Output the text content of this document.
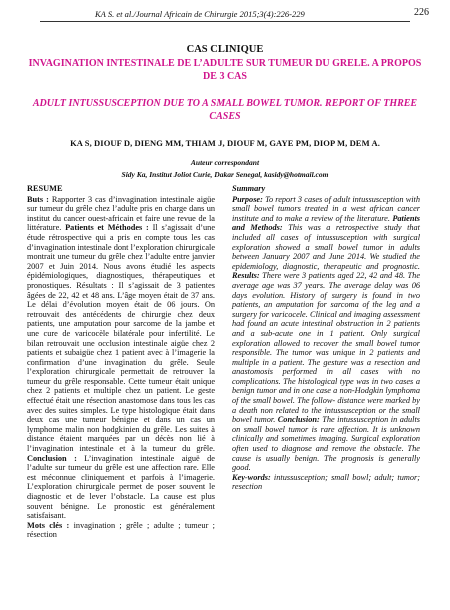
KA S. et al./Journal Africain de Chirurgie 2015;3(4):226-229	226
CAS CLINIQUE
INVAGINATION INTESTINALE DE L’ADULTE SUR TUMEUR DU GRELE. A PROPOS DE 3 CAS
ADULT INTUSSUSCEPTION DUE TO A SMALL BOWEL TUMOR. REPORT OF THREE CASES
KA S, DIOUF D, DIENG MM, THIAM J, DIOUF M, GAYE PM, DIOP M, DEM A.
Auteur correspondant
Sidy Ka, Institut Joliot Curie, Dakar Senegal, kasidy@hotmail.com
RESUME

Buts : Rapporter 3 cas d’invagination intestinale aigüe sur tumeur du grêle chez l’adulte pris en charge dans un institut du cancer ouest-africain et faire une revue de la littérature. Patients et Méthodes : Il s’agissait d’une étude rétrospective qui a pris en compte tous les cas d’invagination intestinale dont l’exploration chirurgicale montrait une tumeur du grêle chez l’adulte entre janvier 2007 et Juin 2014. Nous avons étudié les aspects épidémiologiques, diagnostiques, thérapeutiques et pronostiques. Résultats : Il s’agissait de 3 patientes âgées de 22, 42 et 48 ans. L’âge moyen était de 37 ans. Le délai d’évolution moyen était de 06 jours. On retrouvait des antécédents de chirurgie chez deux patients, une amputation pour sarcome de la jambe et une cure de varicocèle bilatérale pour infertilité. Le bilan retrouvait une occlusion intestinale aigüe chez 2 patients et subaigüe chez 1 patient avec à l’imagerie la confirmation d’une invagination du grêle. Seule l’exploration chirurgicale permettait de retrouver la tumeur du grêle responsable. Cette tumeur était unique chez 2 patients et multiple chez un patient. Le geste effectué était une résection anastomose dans tous les cas avec des suites simples. Le type histologique était dans deux cas une tumeur bénigne et dans un cas un lymphome malin non hodgkinien du grêle. Les suites à distance étaient marquées par un décès non lié à l’invagination intestinale et à la tumeur du grêle. Conclusion : L’invagination intestinale aiguë de l’adulte sur tumeur du grêle est une affection rare. Elle est méconnue cliniquement et parfois à l’imagerie. L’exploration chirurgicale permet de poser souvent le diagnostic et de lever l’obstacle. La cause est plus souvent bénigne. Le pronostic est généralement satisfaisant.

Mots clés : invagination ; grêle ; adulte ; tumeur ; résection

Summary

Purpose: To report 3 cases of adult intussusception with small bowel tumors treated in a west african cancer institute and to make a review of the literature. Patients and Methods: This was a retrospective study that included all cases of intussusception with surgical exploration showed a small bowel tumor in adults between January 2007 and June 2014. We studied the epidemiology, diagnostic, therapeutic and prognostic. Results: There were 3 patients aged 22, 42 and 48. The average age was 37 years. The average delay was 06 days evolution. History of surgery is found in two patients, an amputation for sarcoma of the leg and a surgery for varicocele. Clinical and imaging assessment had found an acute intestinal obstruction in 2 patients and a sub-acute one in 1 patient. Only surgical exploration allowed to recover the small bowel tumor responsible. The tumor was unique in 2 patients and multiple in a patient. The gesture was a resection and anastomosis performed in all cases with no complications. The histological type was in two cases a benign tumor and in one case a non-Hodgkin lymphoma of the small bowel. The follow- distance were marked by a death non related to the intussusception or the small bowel tumor. Conclusion: The intussusception in adults on small bowel tumor is rare affection. It is unknown clinically and sometimes imaging. Surgical exploration often used to diagnose and remove the obstacle. The cause is usually benign. The prognosis is generally good.

Key-words: intussusception; small bowl; adult; tumor; resection
